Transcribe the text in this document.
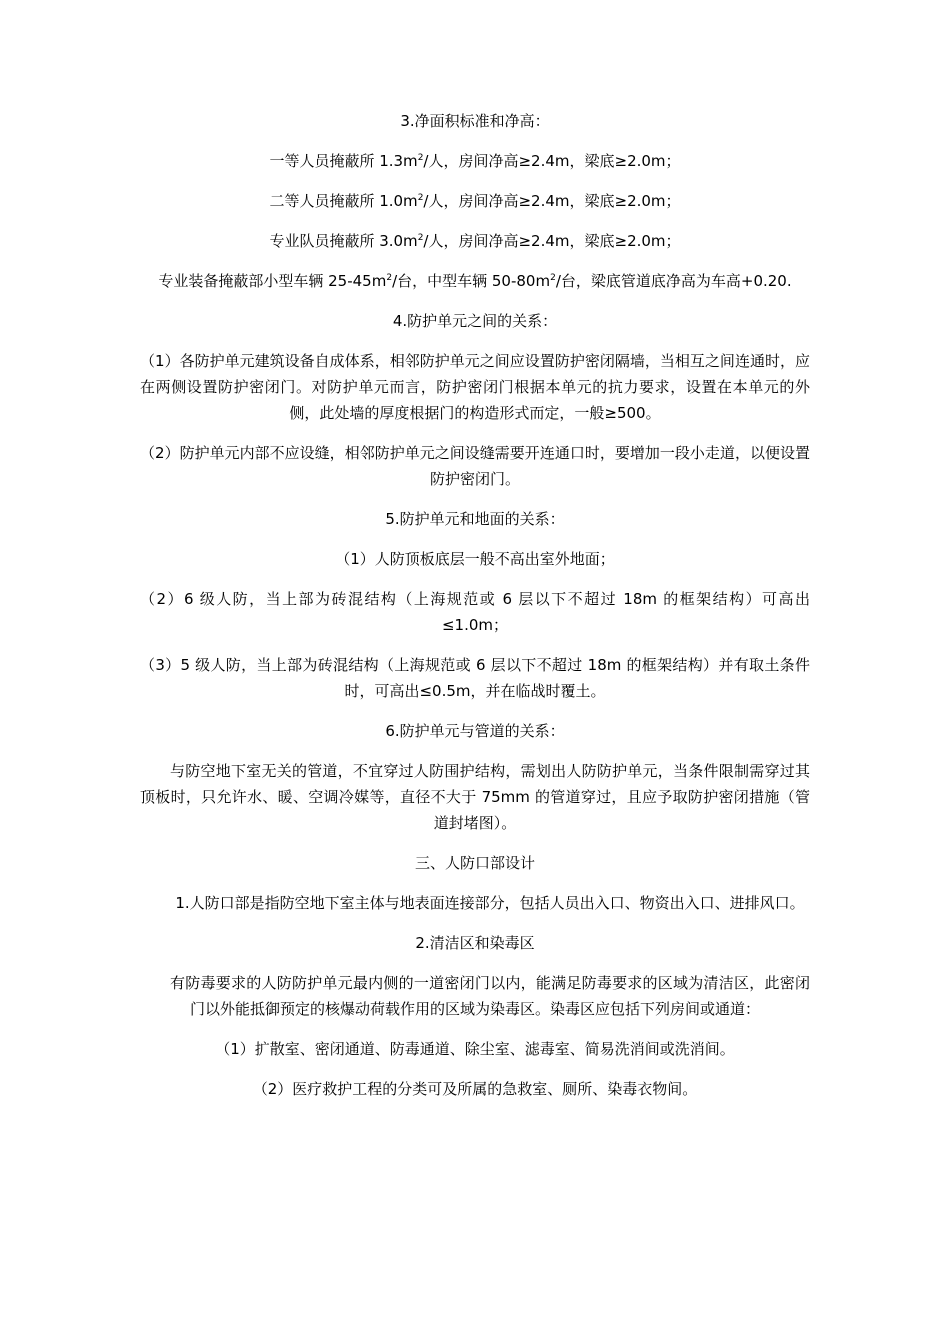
3.净面积标准和净高：

一等人员掩蔽所 $1.3m^2/$人，房间净高≥2.4m，梁底≥2.0m；

二等人员掩蔽所 $1.0m^2/$人，房间净高≥2.4m，梁底≥2.0m；

专业队员掩蔽所 $3.0m^2/$人，房间净高≥2.4m，梁底≥2.0m；

专业装备掩蔽部小型车辆 $25-45m^2/$台，中型车辆 $50-80m^2/$台，梁底管道底净高为车高+0.20.

4.防护单元之间的关系：

（1）各防护单元建筑设备自成体系，相邻防护单元之间应设置防护密闭隔墙，当相互之间连通时，应在两侧设置防护密闭门。对防护单元而言，防护密闭门根据本单元的抗力要求，设置在本单元的外侧，此处墙的厚度根据门的构造形式而定，一般≥500。

（2）防护单元内部不应设缝，相邻防护单元之间设缝需要开连通口时，要增加一段小走道，以便设置防护密闭门。

5.防护单元和地面的关系：

（1）人防顶板底层一般不高出室外地面；

（2）6 级人防，当上部为砖混结构（上海规范或 6 层以下不超过 18m 的框架结构）可高出≤1.0m；

（3）5 级人防，当上部为砖混结构（上海规范或 6 层以下不超过 18m 的框架结构）并有取土条件时，可高出≤0.5m，并在临战时覆土。

6.防护单元与管道的关系：

与防空地下室无关的管道，不宜穿过人防围护结构，需划出人防防护单元，当条件限制需穿过其顶板时，只允许水、暖、空调冷媒等，直径不大于 75mm 的管道穿过，且应予取防护密闭措施（管道封堵图）。

三、人防口部设计

1.人防口部是指防空地下室主体与地表面连接部分，包括人员出入口、物资出入口、进排风口。

2.清洁区和染毒区

有防毒要求的人防防护单元最内侧的一道密闭门以内，能满足防毒要求的区域为清洁区，此密闭门以外能抵御预定的核爆动荷载作用的区域为染毒区。染毒区应包括下列房间或通道：

（1）扩散室、密闭通道、防毒通道、除尘室、滤毒室、简易洗消间或洗消间。

（2）医疗救护工程的分类可及所属的急救室、厕所、染毒衣物间。
